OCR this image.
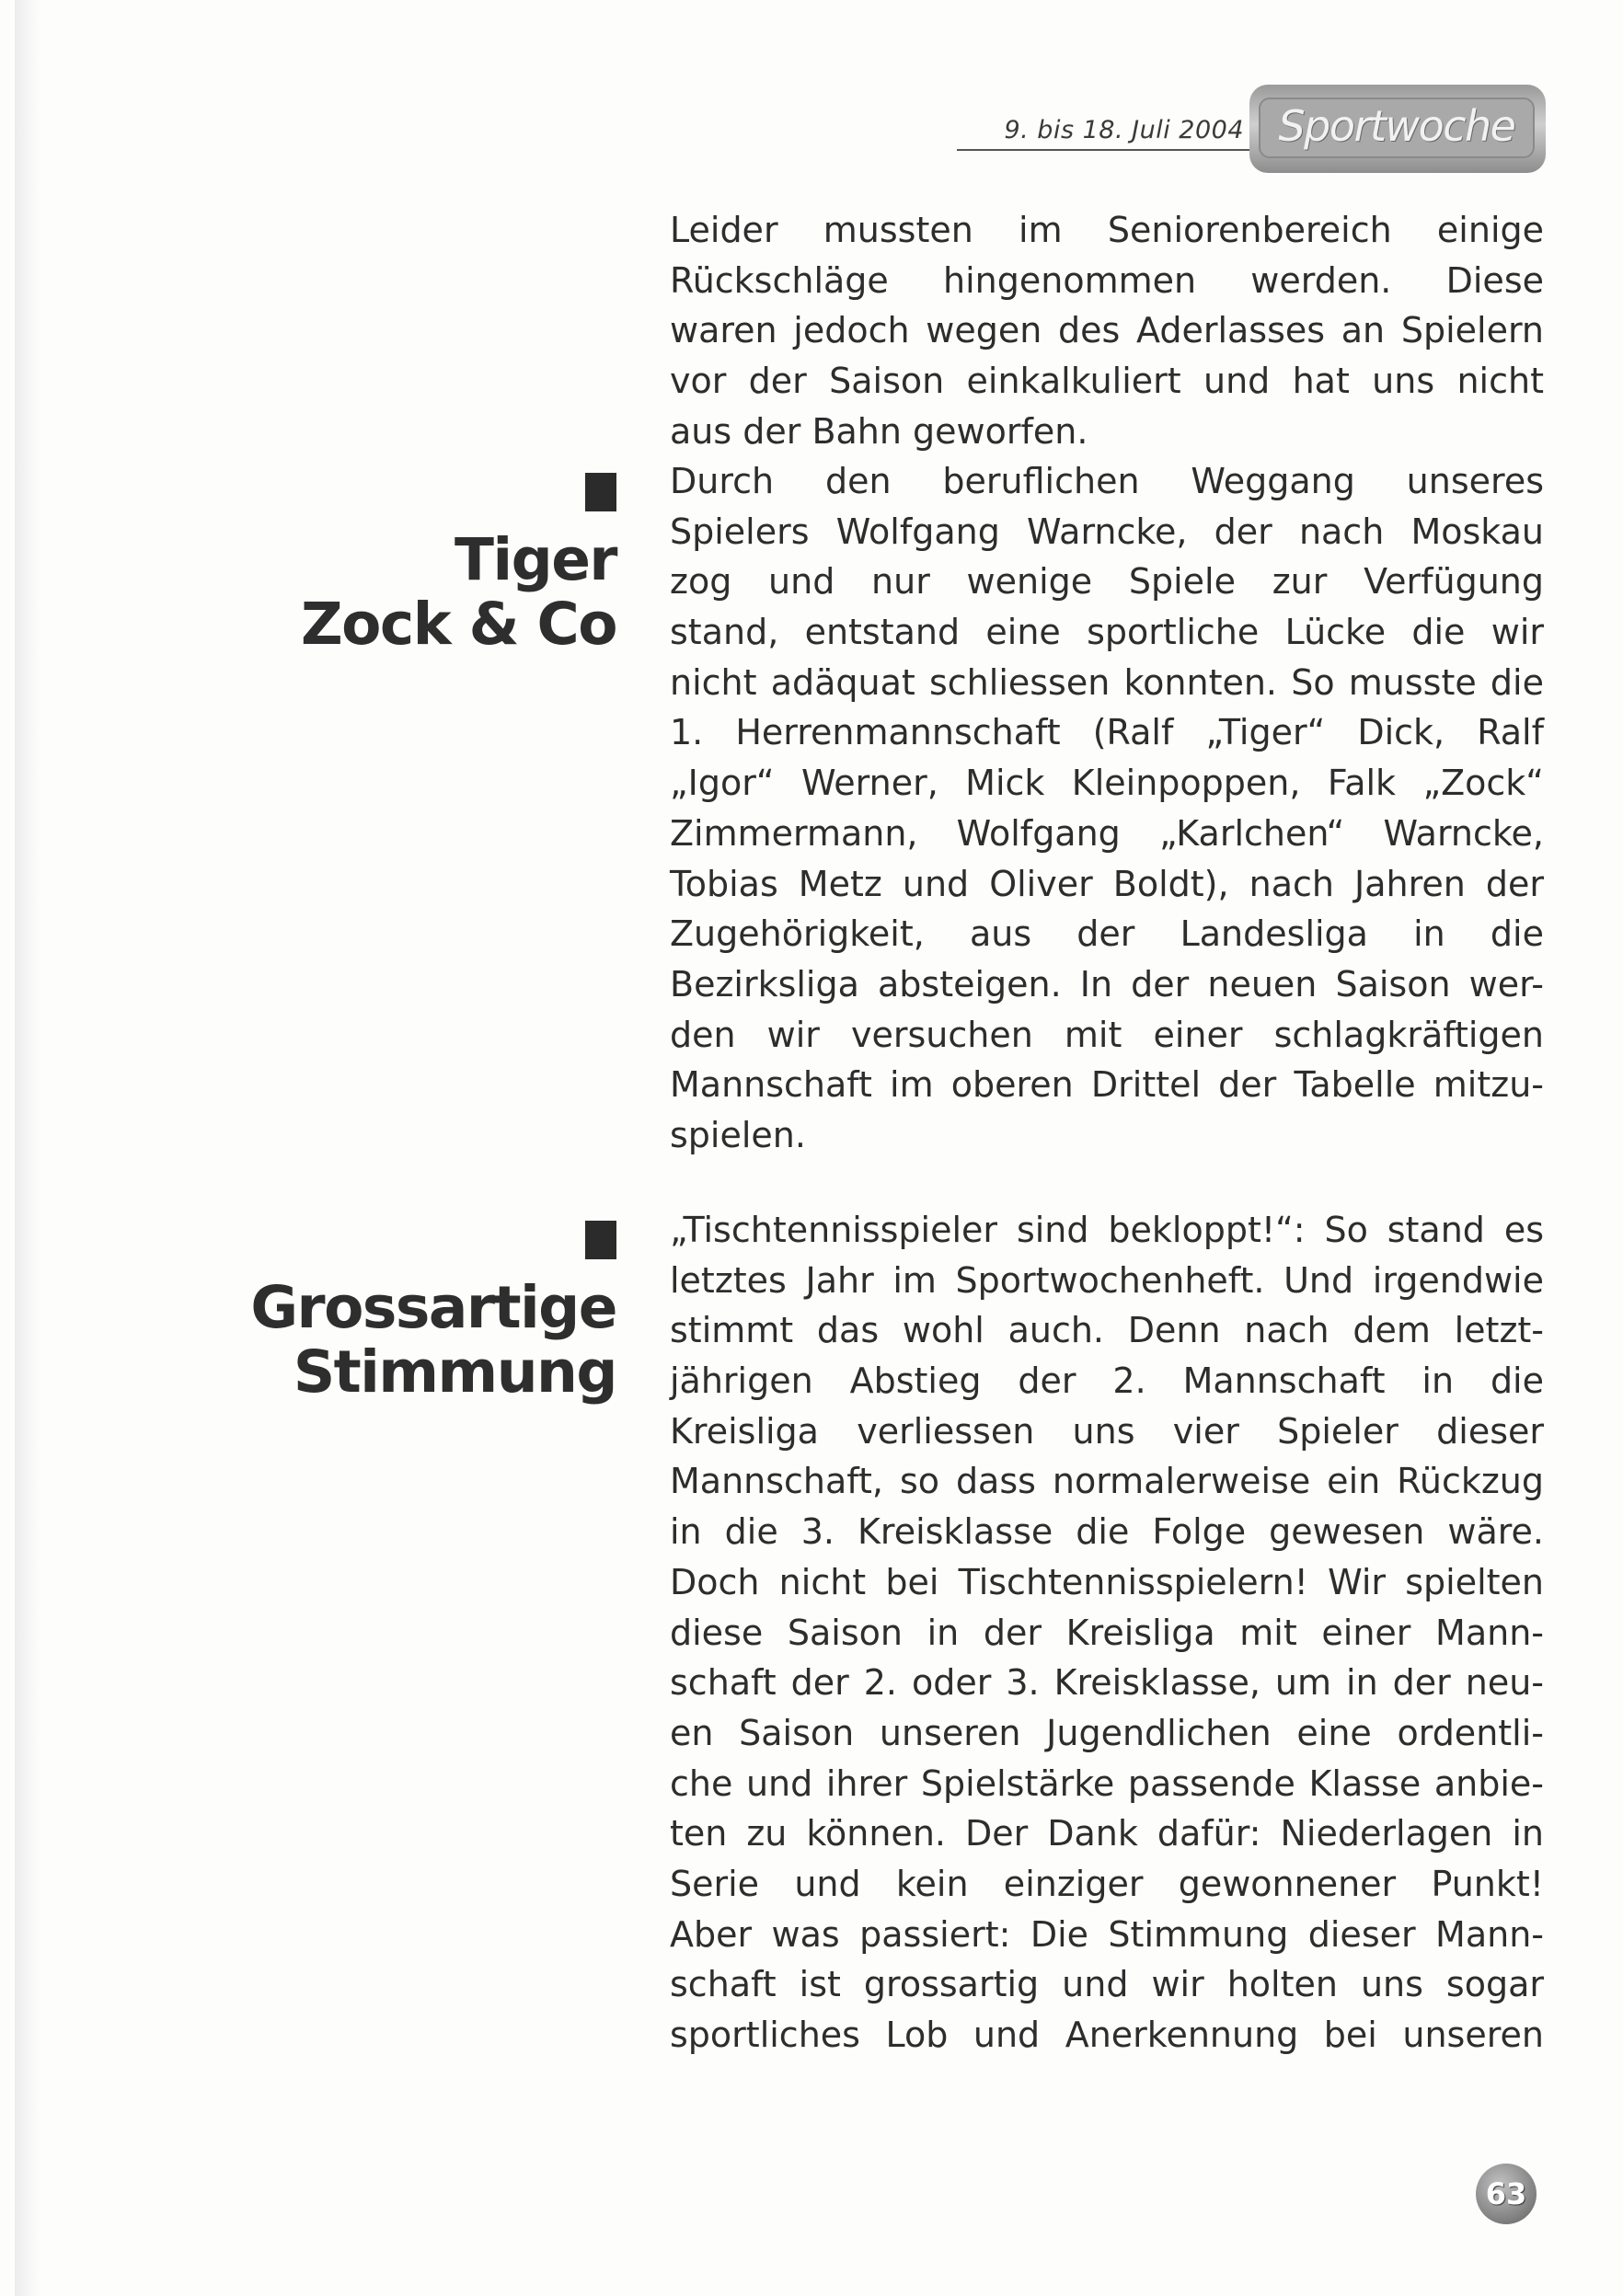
9. bis 18. Juli 2004 Sportwoche
Leider mussten im Seniorenbereich einige
Rückschläge hingenommen werden. Diese
waren jedoch wegen des Aderlasses an Spielern
vor der Saison einkalkuliert und hat uns nicht
aus der Bahn geworfen.
Tiger
Zock & Co
Durch den beruflichen Weggang unseres
Spielers Wolfgang Warncke, der nach Moskau
zog und nur wenige Spiele zur Verfügung
stand, entstand eine sportliche Lücke die wir
nicht adäquat schliessen konnten. So musste die
1. Herrenmannschaft (Ralf „Tiger“ Dick, Ralf
„Igor“ Werner, Mick Kleinpoppen, Falk „Zock“
Zimmermann, Wolfgang „Karlchen“ Warncke,
Tobias Metz und Oliver Boldt), nach Jahren der
Zugehörigkeit, aus der Landesliga in die
Bezirksliga absteigen. In der neuen Saison wer-
den wir versuchen mit einer schlagkräftigen
Mannschaft im oberen Drittel der Tabelle mitzu-
spielen.
Grossartige
Stimmung
„Tischtennisspieler sind bekloppt!“: So stand es
letztes Jahr im Sportwochenheft. Und irgendwie
stimmt das wohl auch. Denn nach dem letzt-
jährigen Abstieg der 2. Mannschaft in die
Kreisliga verliessen uns vier Spieler dieser
Mannschaft, so dass normalerweise ein Rückzug
in die 3. Kreisklasse die Folge gewesen wäre.
Doch nicht bei Tischtennisspielern! Wir spielten
diese Saison in der Kreisliga mit einer Mann-
schaft der 2. oder 3. Kreisklasse, um in der neu-
en Saison unseren Jugendlichen eine ordentli-
che und ihrer Spielstärke passende Klasse anbie-
ten zu können. Der Dank dafür: Niederlagen in
Serie und kein einziger gewonnener Punkt!
Aber was passiert: Die Stimmung dieser Mann-
schaft ist grossartig und wir holten uns sogar
sportliches Lob und Anerkennung bei unseren
63
